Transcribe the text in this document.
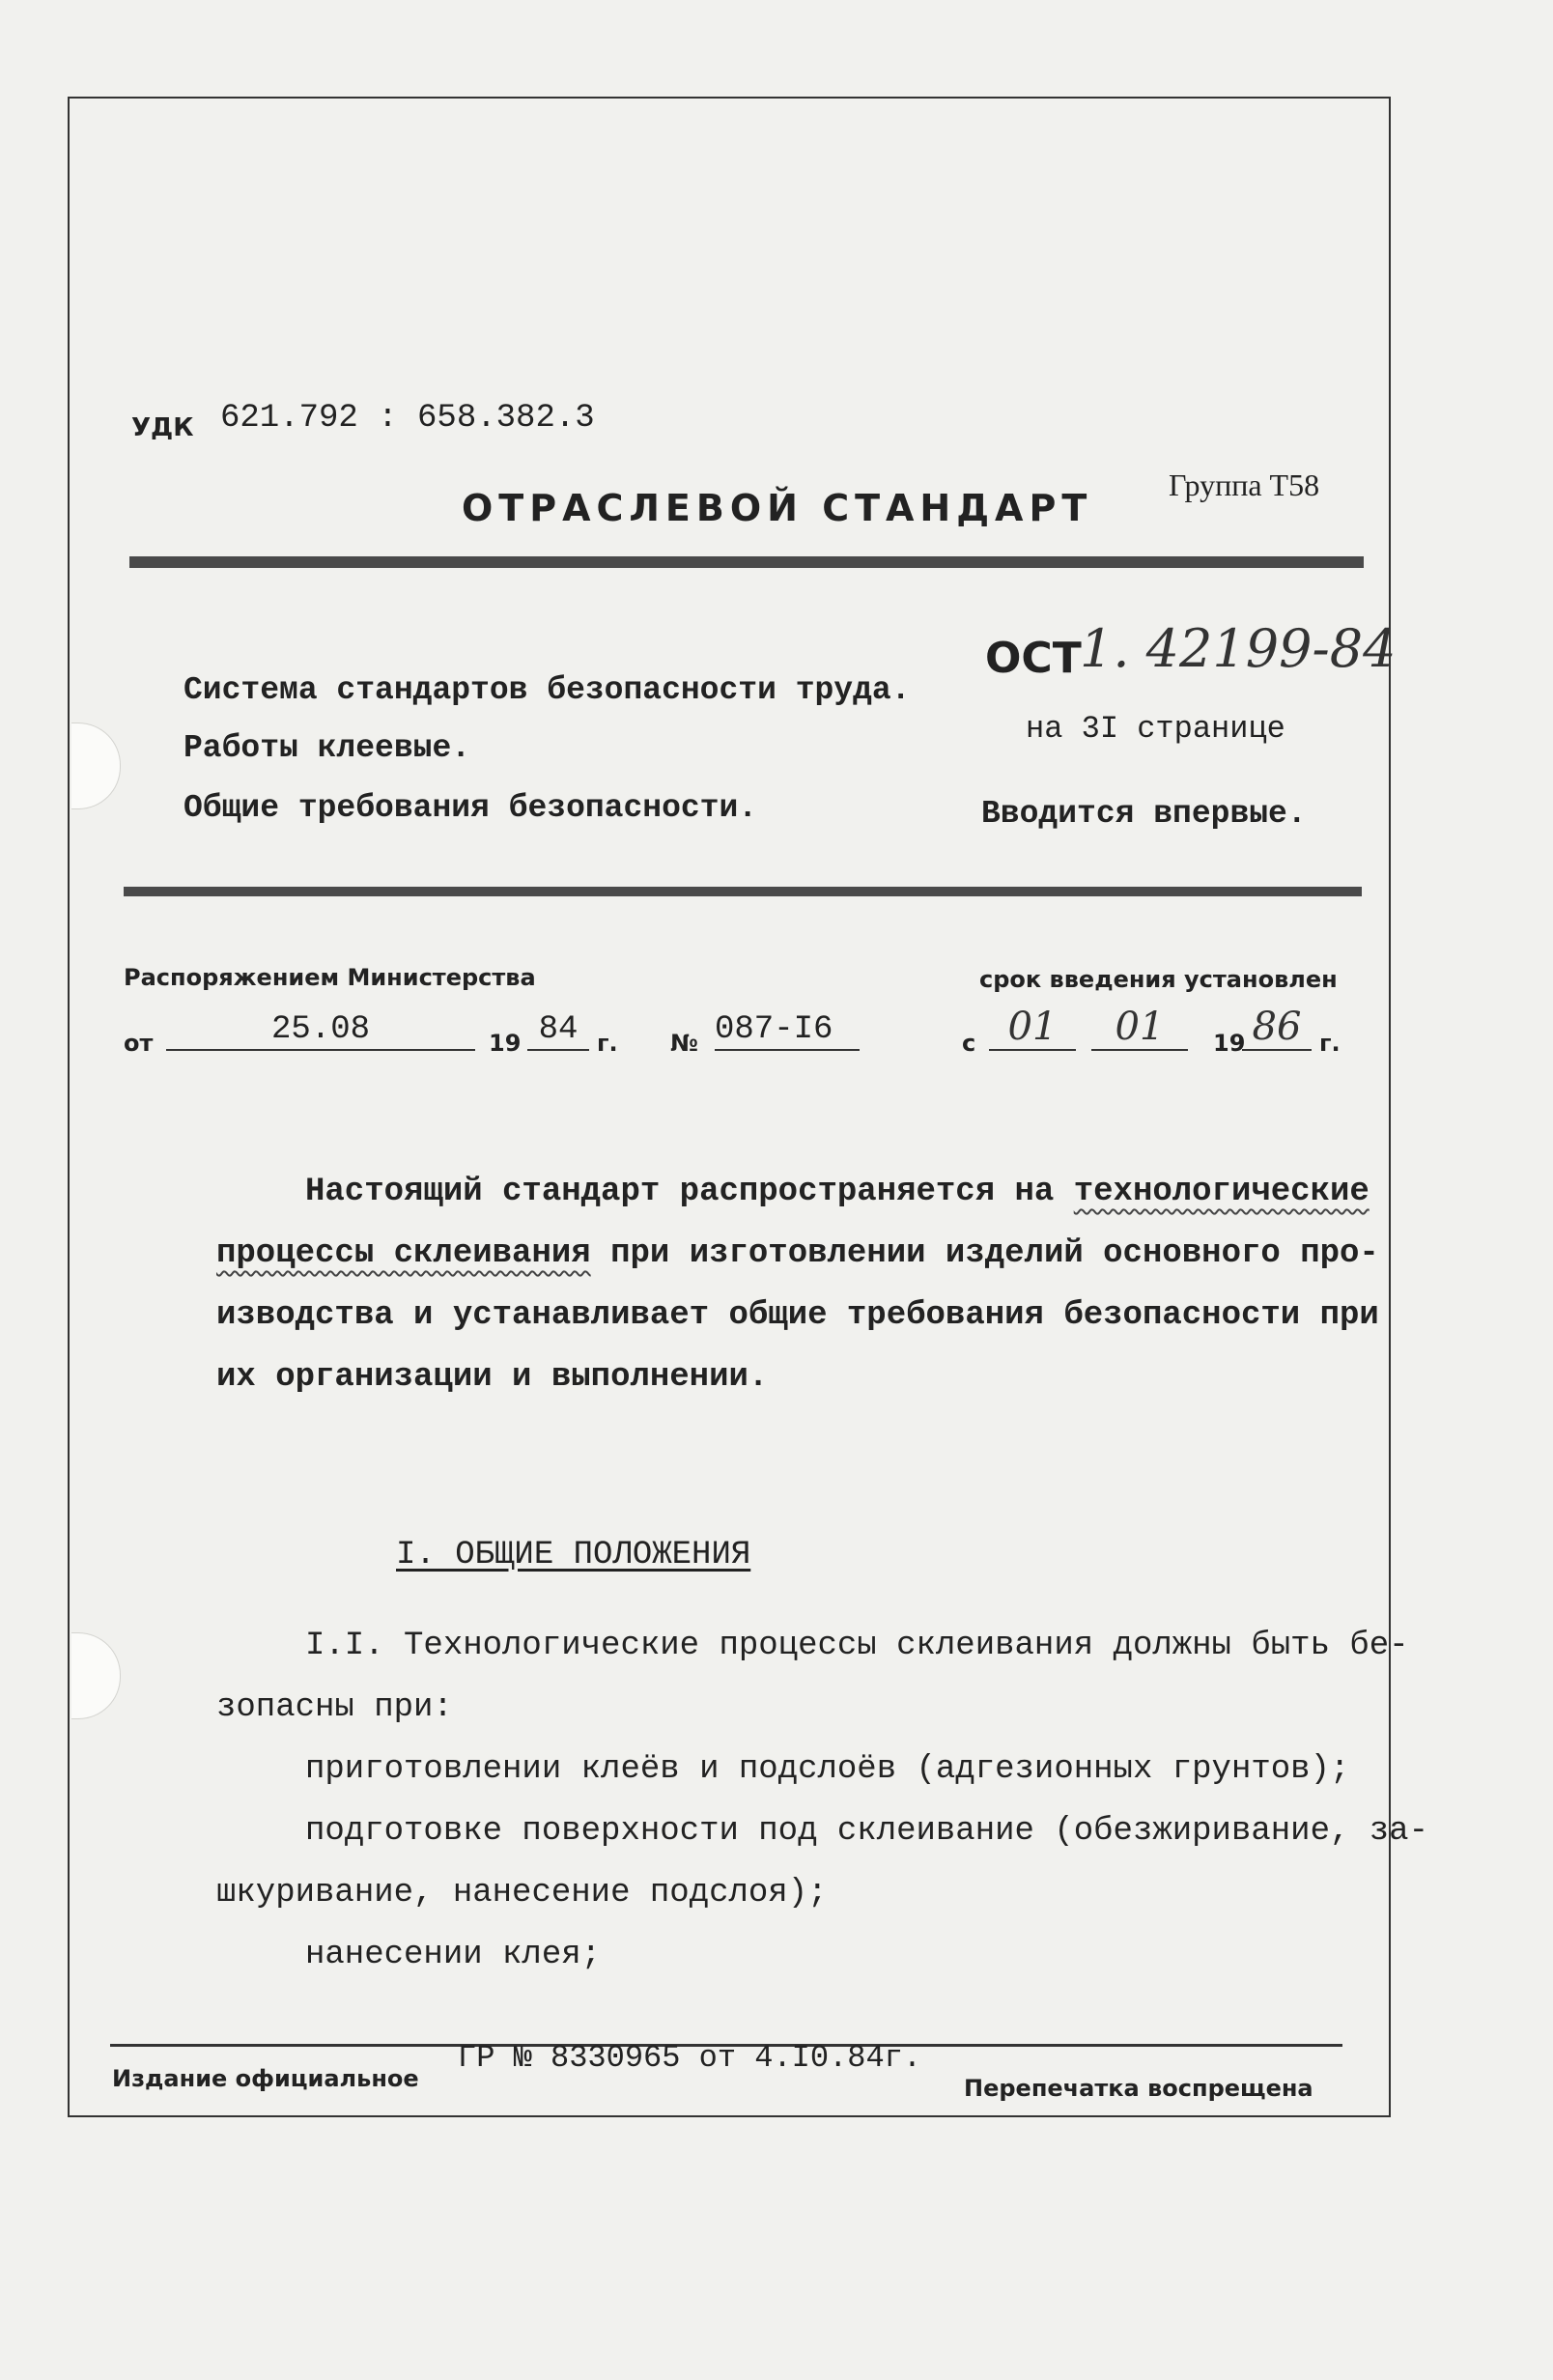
УДК 621.792 : 658.382.3
ОТРАСЛЕВОЙ СТАНДАРТ
Группа Т58
Система стандартов безопасности труда.
Работы клеевые.
Общие требования безопасности.
ОСТ
1. 42199-84
на 3I странице
Вводится впервые.
Распоряжением Министерства	срок введения установлен
от	25.08	19 84 г. № 087-I6	с 01	01	19 86 г.
Настоящий стандарт распространяется на технологические
процессы склеивания при изготовлении изделий основного про-
изводства и устанавливает общие требования безопасности при
их организации и выполнении.
I. ОБЩИЕ ПОЛОЖЕНИЯ
I.I. Технологические процессы склеивания должны быть бе-
зопасны при:
приготовлении клеёв и подслоёв (адгезионных грунтов);
подготовке поверхности под склеивание (обезжиривание, за-
шкуривание, нанесение подслоя);
нанесении клея;
Издание официальное
ГР № 8330965 от 4.I0.84г.
Перепечатка воспрещена
